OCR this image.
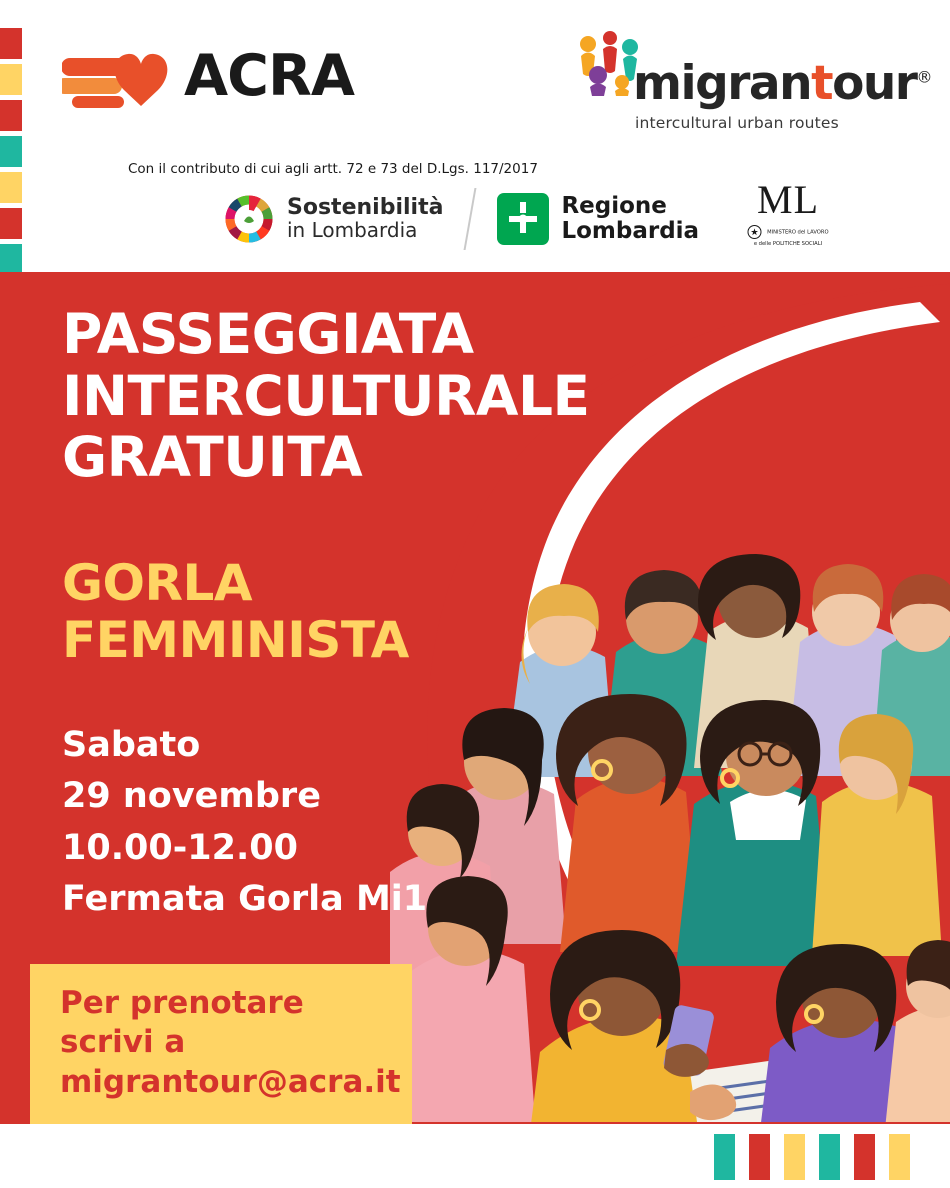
ACRA	migrantour®
intercultural urban routes
Con il contributo di cui agli artt. 72 e 73 del D.Lgs. 117/2017
Sostenibilità
in Lombardia
Regione
Lombardia
ML
MINISTERO del LAVORO
e delle POLITICHE SOCIALI
PASSEGGIATA
INTERCULTURALE
GRATUITA
GORLA
FEMMINISTA
Sabato
29 novembre
10.00-12.00
Fermata Gorla Mi1
Per prenotare scrivi a
migrantour@acra.it
